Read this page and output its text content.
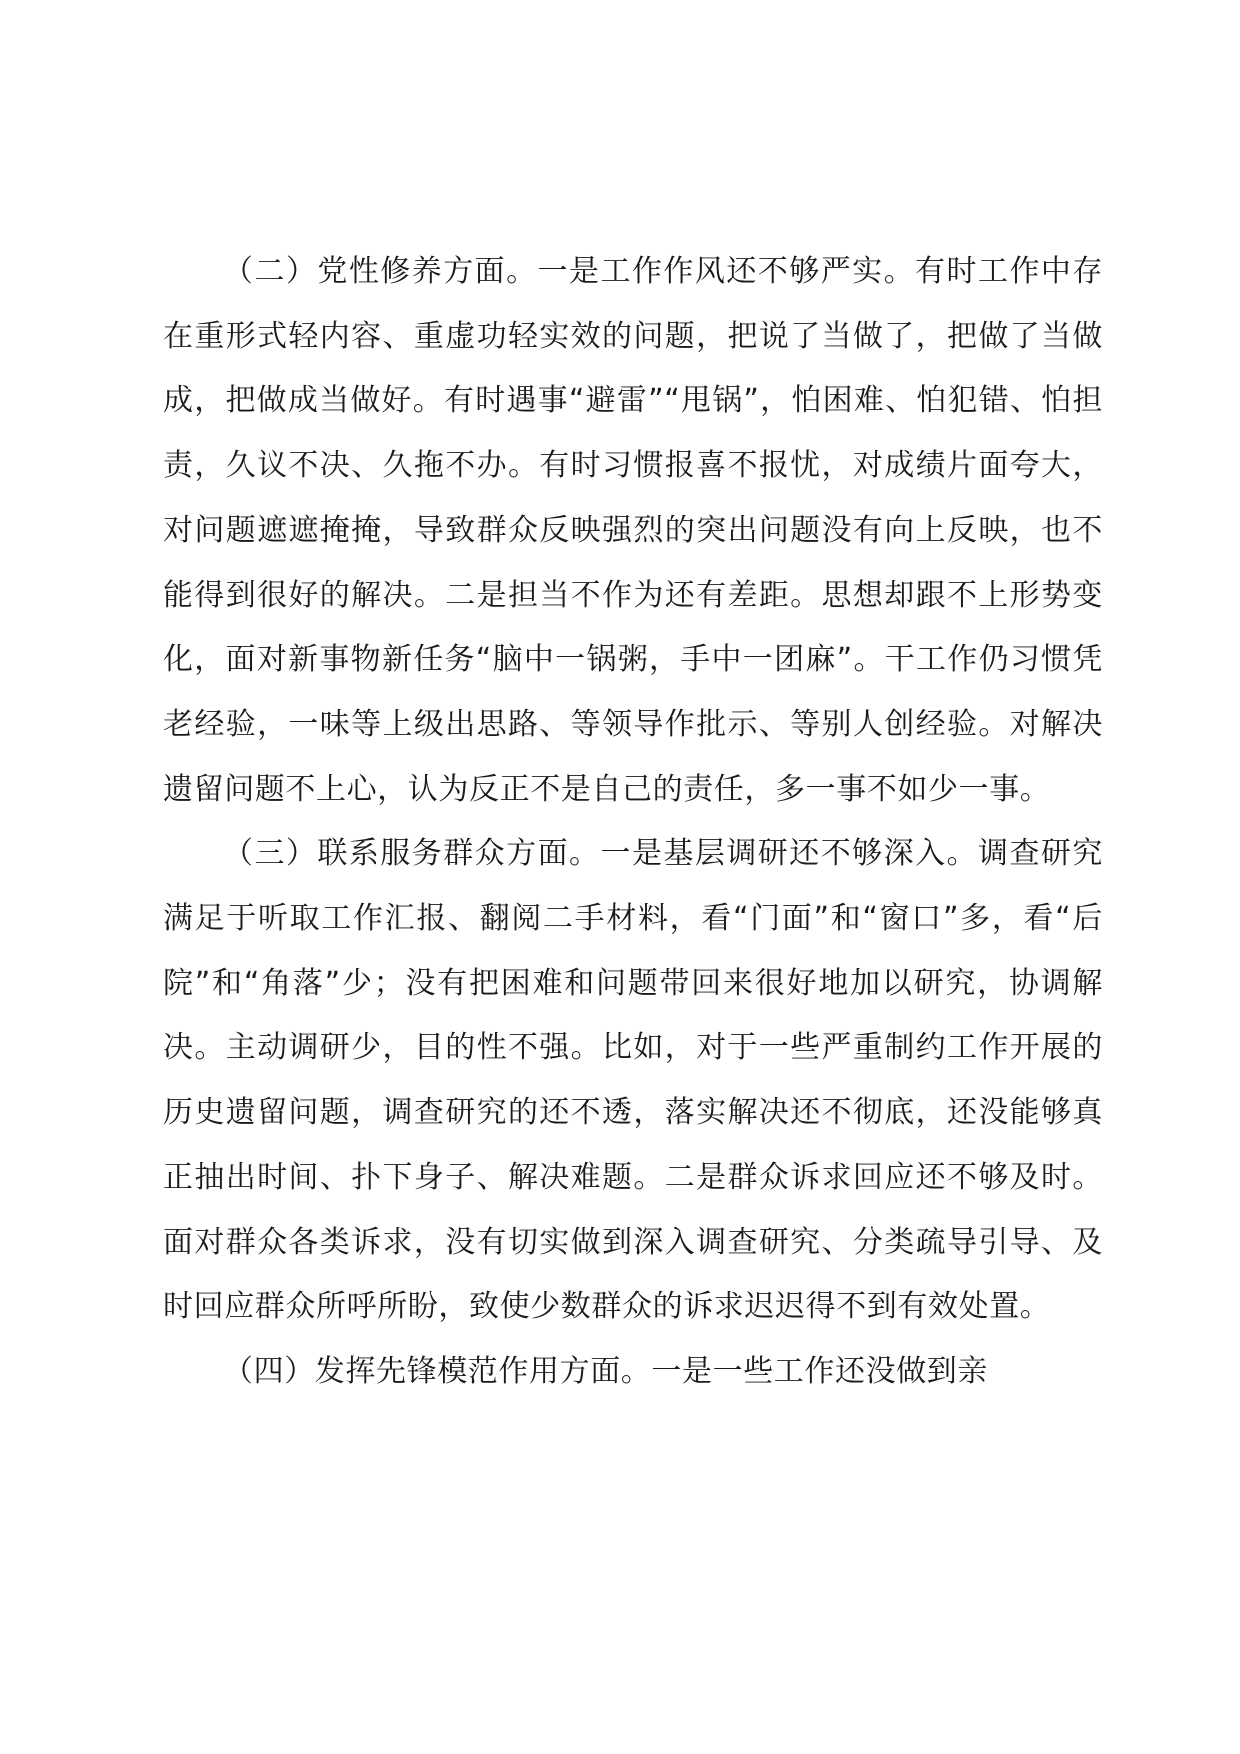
（二）党性修养方面。一是工作作风还不够严实。有时工作中存在重形式轻内容、重虚功轻实效的问题，把说了当做了，把做了当做成，把做成当做好。有时遇事“避雷”“甩锅”，怕困难、怕犯错、怕担责，久议不决、久拖不办。有时习惯报喜不报忧，对成绩片面夸大，对问题遮遮掩掩，导致群众反映强烈的突出问题没有向上反映，也不能得到很好的解决。二是担当不作为还有差距。思想却跟不上形势变化，面对新事物新任务“脑中一锅粥，手中一团麻”。干工作仍习惯凭老经验，一味等上级出思路、等领导作批示、等别人创经验。对解决遗留问题不上心，认为反正不是自己的责任，多一事不如少一事。

（三）联系服务群众方面。一是基层调研还不够深入。调查研究满足于听取工作汇报、翻阅二手材料，看“门面”和“窗口”多，看“后院”和“角落”少；没有把困难和问题带回来很好地加以研究，协调解决。主动调研少，目的性不强。比如，对于一些严重制约工作开展的历史遗留问题，调查研究的还不透，落实解决还不彻底，还没能够真正抽出时间、扑下身子、解决难题。二是群众诉求回应还不够及时。面对群众各类诉求，没有切实做到深入调查研究、分类疏导引导、及时回应群众所呼所盼，致使少数群众的诉求迟迟得不到有效处置。

（四）发挥先锋模范作用方面。一是一些工作还没做到亲
